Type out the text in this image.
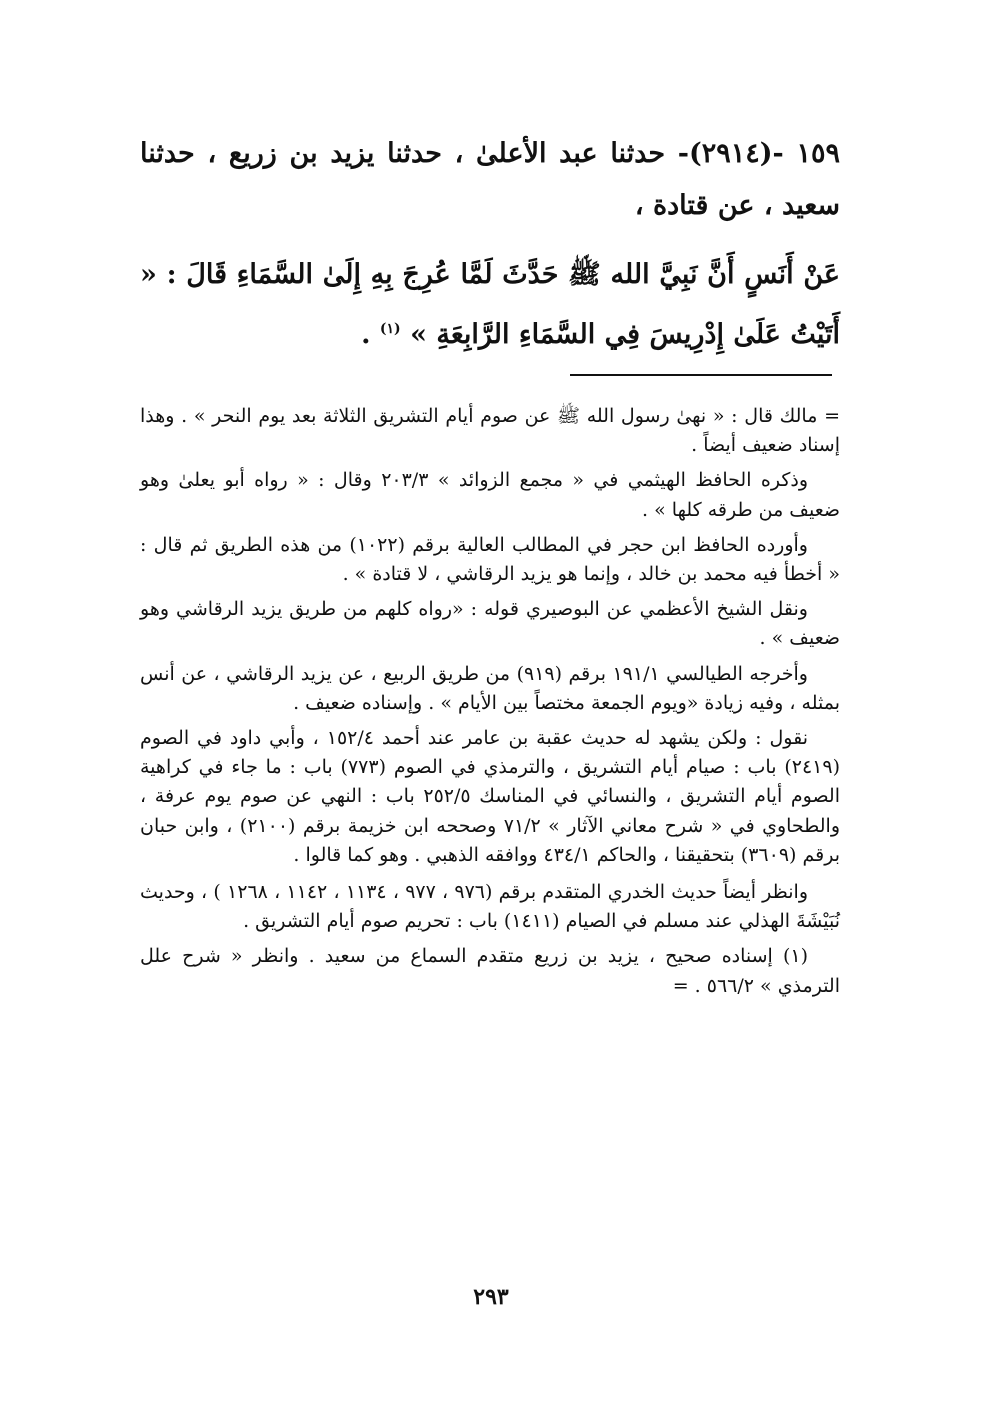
١٥٩ -(٢٩١٤)- حدثنا عبد الأعلىٰ ، حدثنا يزيد بن زريع ، حدثنا سعيد ، عن قتادة ،
عَنْ أَنَسٍ أَنَّ نَبِيَّ الله ﷺ حَدَّثَ لَمَّا عُرِجَ بِهِ إِلَىٰ السَّمَاءِ قَالَ : « أَتَيْتُ عَلَىٰ إِدْرِيسَ فِي السَّمَاءِ الرَّابِعَةِ » $^{(١)}$ .

= مالك قال : « نهىٰ رسول الله ﷺ عن صوم أيام التشريق الثلاثة بعد يوم النحر » . وهذا إسناد ضعيف أيضاً .

وذكره الحافظ الهيثمي في « مجمع الزوائد » ٢٠٣/٣ وقال : « رواه أبو يعلىٰ وهو ضعيف من طرقه كلها » .

وأورده الحافظ ابن حجر في المطالب العالية برقم (١٠٢٢) من هذه الطريق ثم قال : « أخطأ فيه محمد بن خالد ، وإنما هو يزيد الرقاشي ، لا قتادة » .

ونقل الشيخ الأعظمي عن البوصيري قوله : «رواه كلهم من طريق يزيد الرقاشي وهو ضعيف » .

وأخرجه الطيالسي ١٩١/١ برقم (٩١٩) من طريق الربيع ، عن يزيد الرقاشي ، عن أنس بمثله ، وفيه زيادة «ويوم الجمعة مختصاً بين الأيام » . وإسناده ضعيف .

نقول : ولكن يشهد له حديث عقبة بن عامر عند أحمد ١٥٢/٤ ، وأبي داود في الصوم (٢٤١٩) باب : صيام أيام التشريق ، والترمذي في الصوم (٧٧٣) باب : ما جاء في كراهية الصوم أيام التشريق ، والنسائي في المناسك ٢٥٢/٥ باب : النهي عن صوم يوم عرفة ، والطحاوي في « شرح معاني الآثار » ٧١/٢ وصححه ابن خزيمة برقم (٢١٠٠) ، وابن حبان برقم (٣٦٠٩) بتحقيقنا ، والحاكم ٤٣٤/١ ووافقه الذهبي . وهو كما قالوا .

وانظر أيضاً حديث الخدري المتقدم برقم (٩٧٦ ، ٩٧٧ ، ١١٣٤ ، ١١٤٢ ، ١٢٦٨ ) ، وحديث نُبَيْشَةَ الهذلي عند مسلم في الصيام (١٤١١) باب : تحريم صوم أيام التشريق .

(١) إسناده صحيح ، يزيد بن زريع متقدم السماع من سعيد . وانظر « شرح علل الترمذي » ٥٦٦/٢ . =

٢٩٣
